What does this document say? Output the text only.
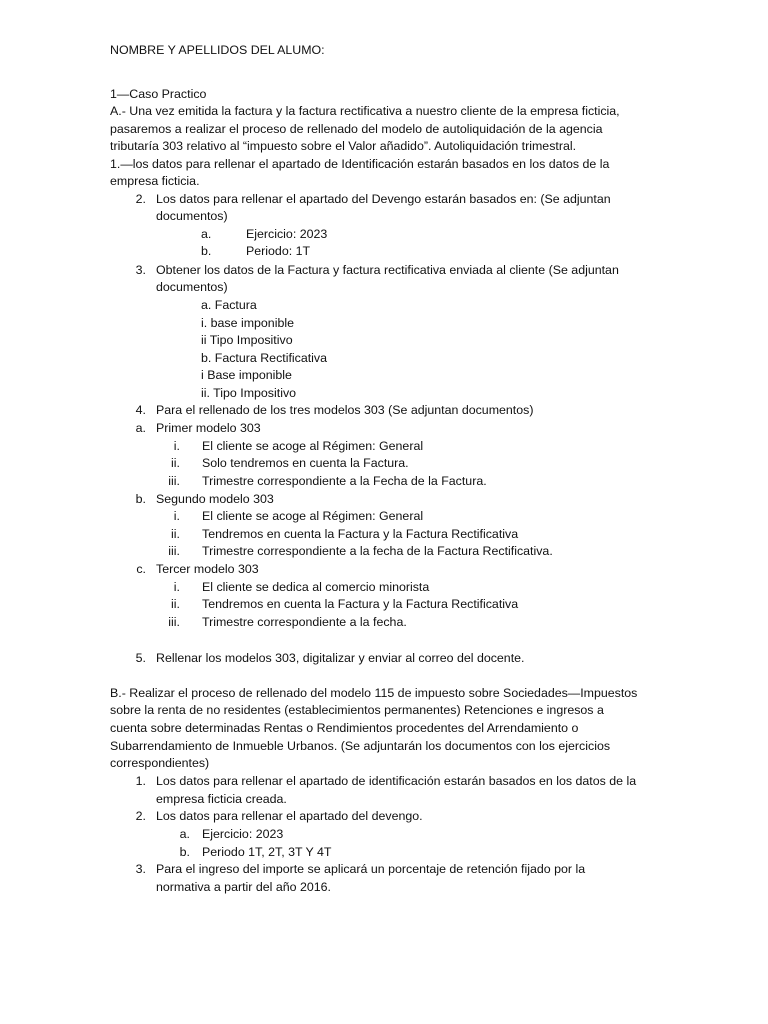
NOMBRE Y APELLIDOS DEL ALUMO:
1—Caso Practico
A.- Una vez emitida la factura y la factura rectificativa a nuestro cliente de la empresa ficticia,
pasaremos a realizar el proceso de rellenado del modelo de autoliquidación de la agencia
tributaría 303 relativo al “impuesto sobre el Valor añadido”. Autoliquidación trimestral.
1.—los datos para rellenar el apartado de Identificación estarán basados en los datos de la
empresa ficticia.
2. Los datos para rellenar el apartado del Devengo estarán basados en: (Se adjuntan
documentos)
a.	Ejercicio: 2023
b.	Periodo: 1T
3. Obtener los datos de la Factura y factura rectificativa enviada al cliente (Se adjuntan
documentos)
a. Factura
i. base imponible
ii Tipo Impositivo
b. Factura Rectificativa
i Base imponible
ii. Tipo Impositivo
4. Para el rellenado de los tres modelos 303 (Se adjuntan documentos)
a. Primer modelo 303
i. El cliente se acoge al Régimen: General
ii. Solo tendremos en cuenta la Factura.
iii. Trimestre correspondiente a la Fecha de la Factura.
b. Segundo modelo 303
i. El cliente se acoge al Régimen: General
ii. Tendremos en cuenta la Factura y la Factura Rectificativa
iii. Trimestre correspondiente a la fecha de la Factura Rectificativa.
c. Tercer modelo 303
i. El cliente se dedica al comercio minorista
ii. Tendremos en cuenta la Factura y la Factura Rectificativa
iii. Trimestre correspondiente a la fecha.
5. Rellenar los modelos 303, digitalizar y enviar al correo del docente.
B.- Realizar el proceso de rellenado del modelo 115 de impuesto sobre Sociedades—Impuestos
sobre la renta de no residentes (establecimientos permanentes) Retenciones e ingresos a
cuenta sobre determinadas Rentas o Rendimientos procedentes del Arrendamiento o
Subarrendamiento de Inmueble Urbanos. (Se adjuntarán los documentos con los ejercicios
correspondientes)
1. Los datos para rellenar el apartado de identificación estarán basados en los datos de la
empresa ficticia creada.
2. Los datos para rellenar el apartado del devengo.
a. Ejercicio: 2023
b. Periodo 1T, 2T, 3T Y 4T
3. Para el ingreso del importe se aplicará un porcentaje de retención fijado por la
normativa a partir del año 2016.
